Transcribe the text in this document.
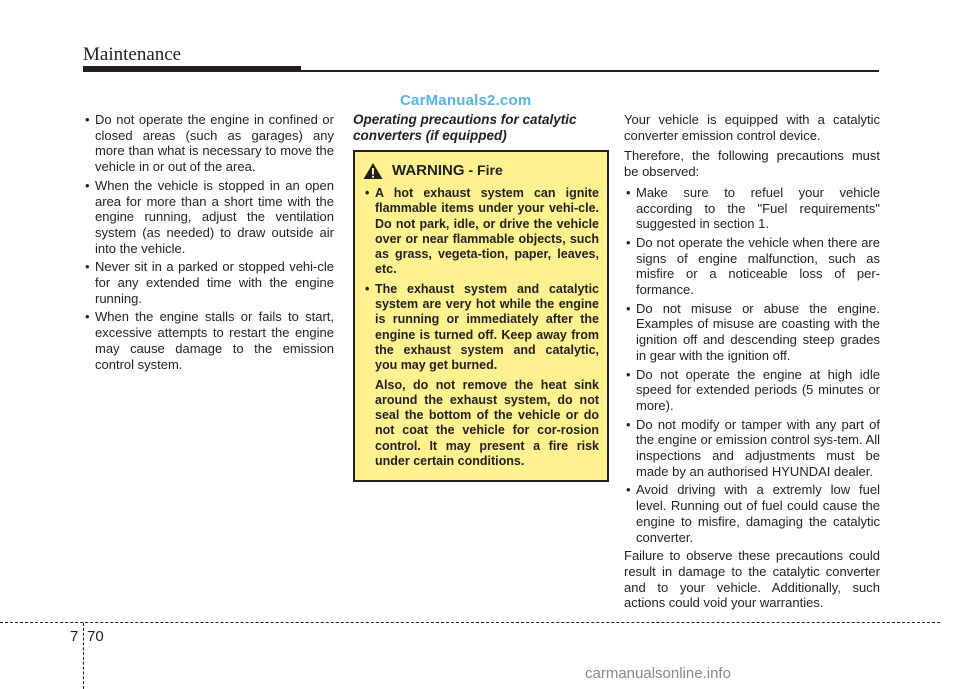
Maintenance
CarManuals2.com
• Do not operate the engine in confined or closed areas (such as garages) any more than what is necessary to move the vehicle in or out of the area.
• When the vehicle is stopped in an open area for more than a short time with the engine running, adjust the ventilation system (as needed) to draw outside air into the vehicle.
• Never sit in a parked or stopped vehi-cle for any extended time with the engine running.
• When the engine stalls or fails to start, excessive attempts to restart the engine may cause damage to the emission control system.
Operating precautions for catalytic converters (if equipped)
WARNING - Fire
• A hot exhaust system can ignite flammable items under your vehi-cle. Do not park, idle, or drive the vehicle over or near flammable objects, such as grass, vegeta-tion, paper, leaves, etc.
• The exhaust system and catalytic system are very hot while the engine is running or immediately after the engine is turned off. Keep away from the exhaust system and catalytic, you may get burned.

Also, do not remove the heat sink around the exhaust system, do not seal the bottom of the vehicle or do not coat the vehicle for cor-rosion control. It may present a fire risk under certain conditions.

Your vehicle is equipped with a catalytic converter emission control device.

Therefore, the following precautions must be observed:

• Make sure to refuel your vehicle according to the "Fuel requirements" suggested in section 1.
• Do not operate the vehicle when there are signs of engine malfunction, such as misfire or a noticeable loss of per-formance.
• Do not misuse or abuse the engine. Examples of misuse are coasting with the ignition off and descending steep grades in gear with the ignition off.
• Do not operate the engine at high idle speed for extended periods (5 minutes or more).
• Do not modify or tamper with any part of the engine or emission control sys-tem. All inspections and adjustments must be made by an authorised HYUNDAI dealer.
• Avoid driving with a extremly low fuel level. Running out of fuel could cause the engine to misfire, damaging the catalytic converter.

Failure to observe these precautions could result in damage to the catalytic converter and to your vehicle. Additionally, such actions could void your warranties.

7 70
carmanualsonline.info
